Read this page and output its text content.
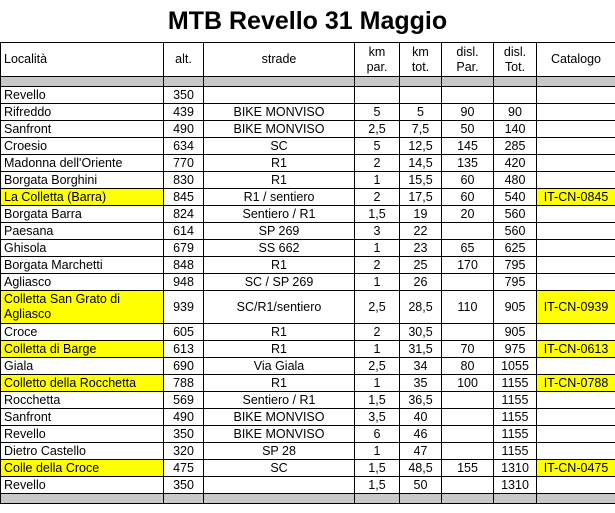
MTB Revello 31 Maggio
Località	alt.	strade	km par.	km tot.	disl. Par.	disl. Tot.	Catalogo

Revello	350						
Rifreddo	439	BIKE MONVISO	5	5	90	90	
Sanfront	490	BIKE MONVISO	2,5	7,5	50	140	
Croesio	634	SC	5	12,5	145	285	
Madonna dell'Oriente	770	R1	2	14,5	135	420	
Borgata Borghini	830	R1	1	15,5	60	480	
La Colletta (Barra)	845	R1 / sentiero	2	17,5	60	540	IT-CN-0845
Borgata Barra	824	Sentiero / R1	1,5	19	20	560	
Paesana	614	SP 269	3	22		560	
Ghisola	679	SS 662	1	23	65	625	
Borgata Marchetti	848	R1	2	25	170	795	
Agliasco	948	SC / SP 269	1	26		795	
Colletta San Grato di Agliasco	939	SC/R1/sentiero	2,5	28,5	110	905	IT-CN-0939
Croce	605	R1	2	30,5		905	
Colletta di Barge	613	R1	1	31,5	70	975	IT-CN-0613
Giala	690	Via Giala	2,5	34	80	1055	
Colletto della Rocchetta	788	R1	1	35	100	1155	IT-CN-0788
Rocchetta	569	Sentiero / R1	1,5	36,5		1155	
Sanfront	490	BIKE MONVISO	3,5	40		1155	
Revello	350	BIKE MONVISO	6	46		1155	
Dietro Castello	320	SP 28	1	47		1155	
Colle della Croce	475	SC	1,5	48,5	155	1310	IT-CN-0475
Revello	350		1,5	50		1310	
